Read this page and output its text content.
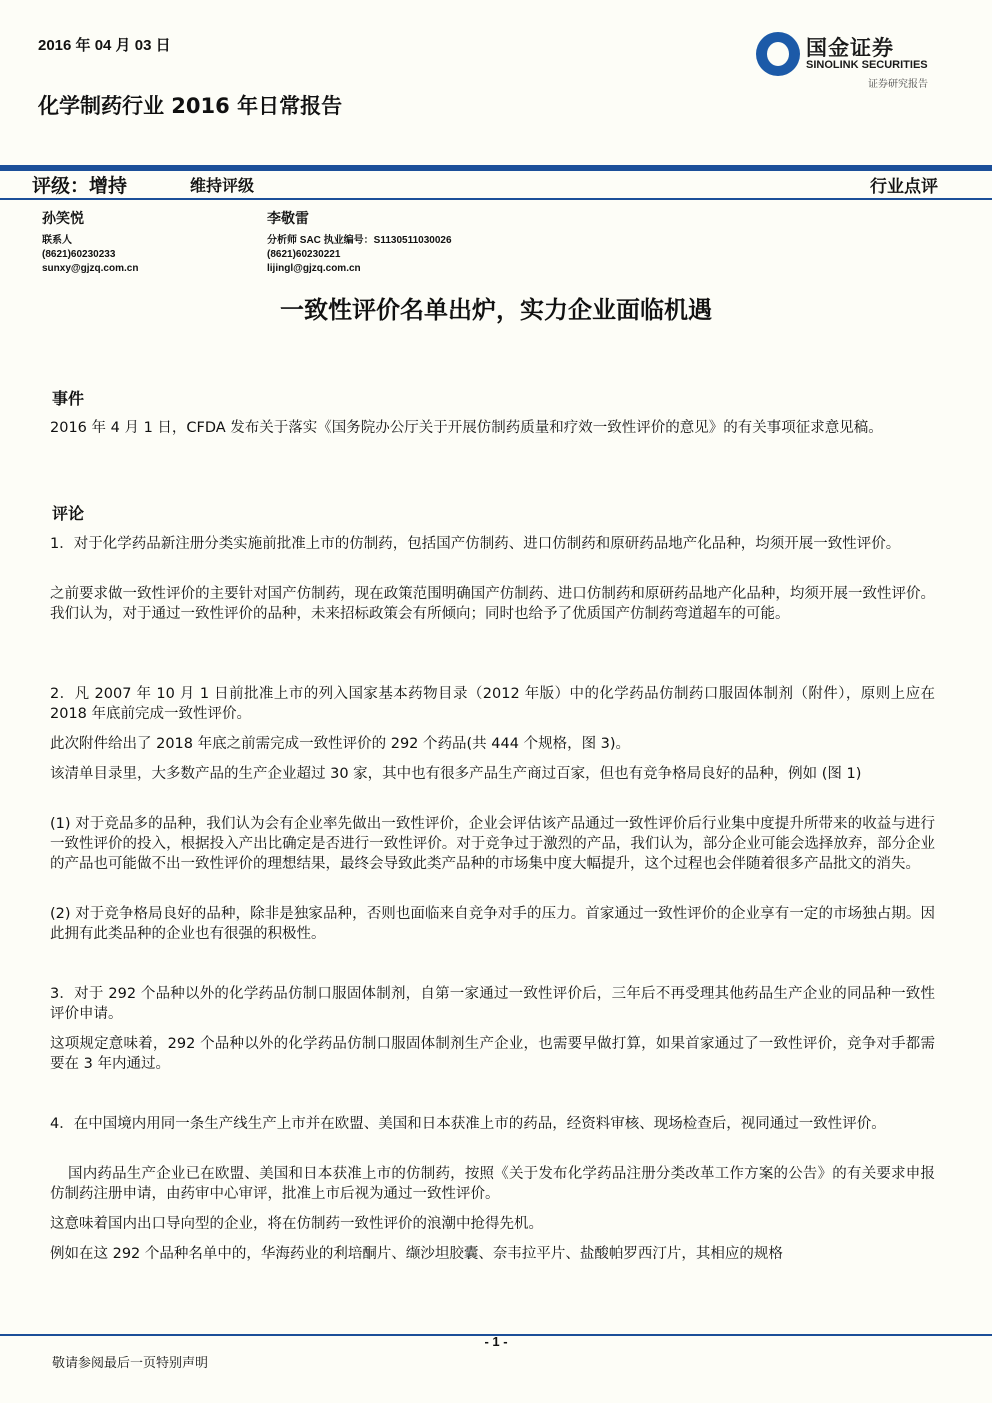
2016 年 04 月 03 日	国金证券
SINOLINK SECURITIES
证券研究报告
化学制药行业 2016 年日常报告
评级：增持	维持评级	行业点评
孙笑悦
联系人
(8621)60230233
sunxy@gjzq.com.cn
李敬雷
分析师 SAC 执业编号：S1130511030026
(8621)60230221
lijingl@gjzq.com.cn
一致性评价名单出炉，实力企业面临机遇
事件
2016 年 4 月 1 日，CFDA 发布关于落实《国务院办公厅关于开展仿制药质量和疗效一致性评价的意见》的有关事项征求意见稿。
评论
1．对于化学药品新注册分类实施前批准上市的仿制药，包括国产仿制药、进口仿制药和原研药品地产化品种，均须开展一致性评价。
之前要求做一致性评价的主要针对国产仿制药，现在政策范围明确国产仿制药、进口仿制药和原研药品地产化品种，均须开展一致性评价。我们认为，对于通过一致性评价的品种，未来招标政策会有所倾向；同时也给予了优质国产仿制药弯道超车的可能。
2．凡 2007 年 10 月 1 日前批准上市的列入国家基本药物目录（2012 年版）中的化学药品仿制药口服固体制剂（附件），原则上应在 2018 年底前完成一致性评价。
此次附件给出了 2018 年底之前需完成一致性评价的 292 个药品(共 444 个规格，图 3)。
该清单目录里，大多数产品的生产企业超过 30 家，其中也有很多产品生产商过百家，但也有竞争格局良好的品种，例如 (图 1)
(1) 对于竞品多的品种，我们认为会有企业率先做出一致性评价，企业会评估该产品通过一致性评价后行业集中度提升所带来的收益与进行一致性评价的投入，根据投入产出比确定是否进行一致性评价。对于竞争过于激烈的产品，我们认为，部分企业可能会选择放弃，部分企业的产品也可能做不出一致性评价的理想结果，最终会导致此类产品种的市场集中度大幅提升，这个过程也会伴随着很多产品批文的消失。
(2) 对于竞争格局良好的品种，除非是独家品种，否则也面临来自竞争对手的压力。首家通过一致性评价的企业享有一定的市场独占期。因此拥有此类品种的企业也有很强的积极性。
3．对于 292 个品种以外的化学药品仿制口服固体制剂，自第一家通过一致性评价后，三年后不再受理其他药品生产企业的同品种一致性评价申请。
这项规定意味着，292 个品种以外的化学药品仿制口服固体制剂生产企业，也需要早做打算，如果首家通过了一致性评价，竞争对手都需要在 3 年内通过。
4．在中国境内用同一条生产线生产上市并在欧盟、美国和日本获准上市的药品，经资料审核、现场检查后，视同通过一致性评价。
国内药品生产企业已在欧盟、美国和日本获准上市的仿制药，按照《关于发布化学药品注册分类改革工作方案的公告》的有关要求申报仿制药注册申请，由药审中心审评，批准上市后视为通过一致性评价。
这意味着国内出口导向型的企业，将在仿制药一致性评价的浪潮中抢得先机。
例如在这 292 个品种名单中的，华海药业的利培酮片、缬沙坦胶囊、奈韦拉平片、盐酸帕罗西汀片，其相应的规格
- 1 -
敬请参阅最后一页特别声明
